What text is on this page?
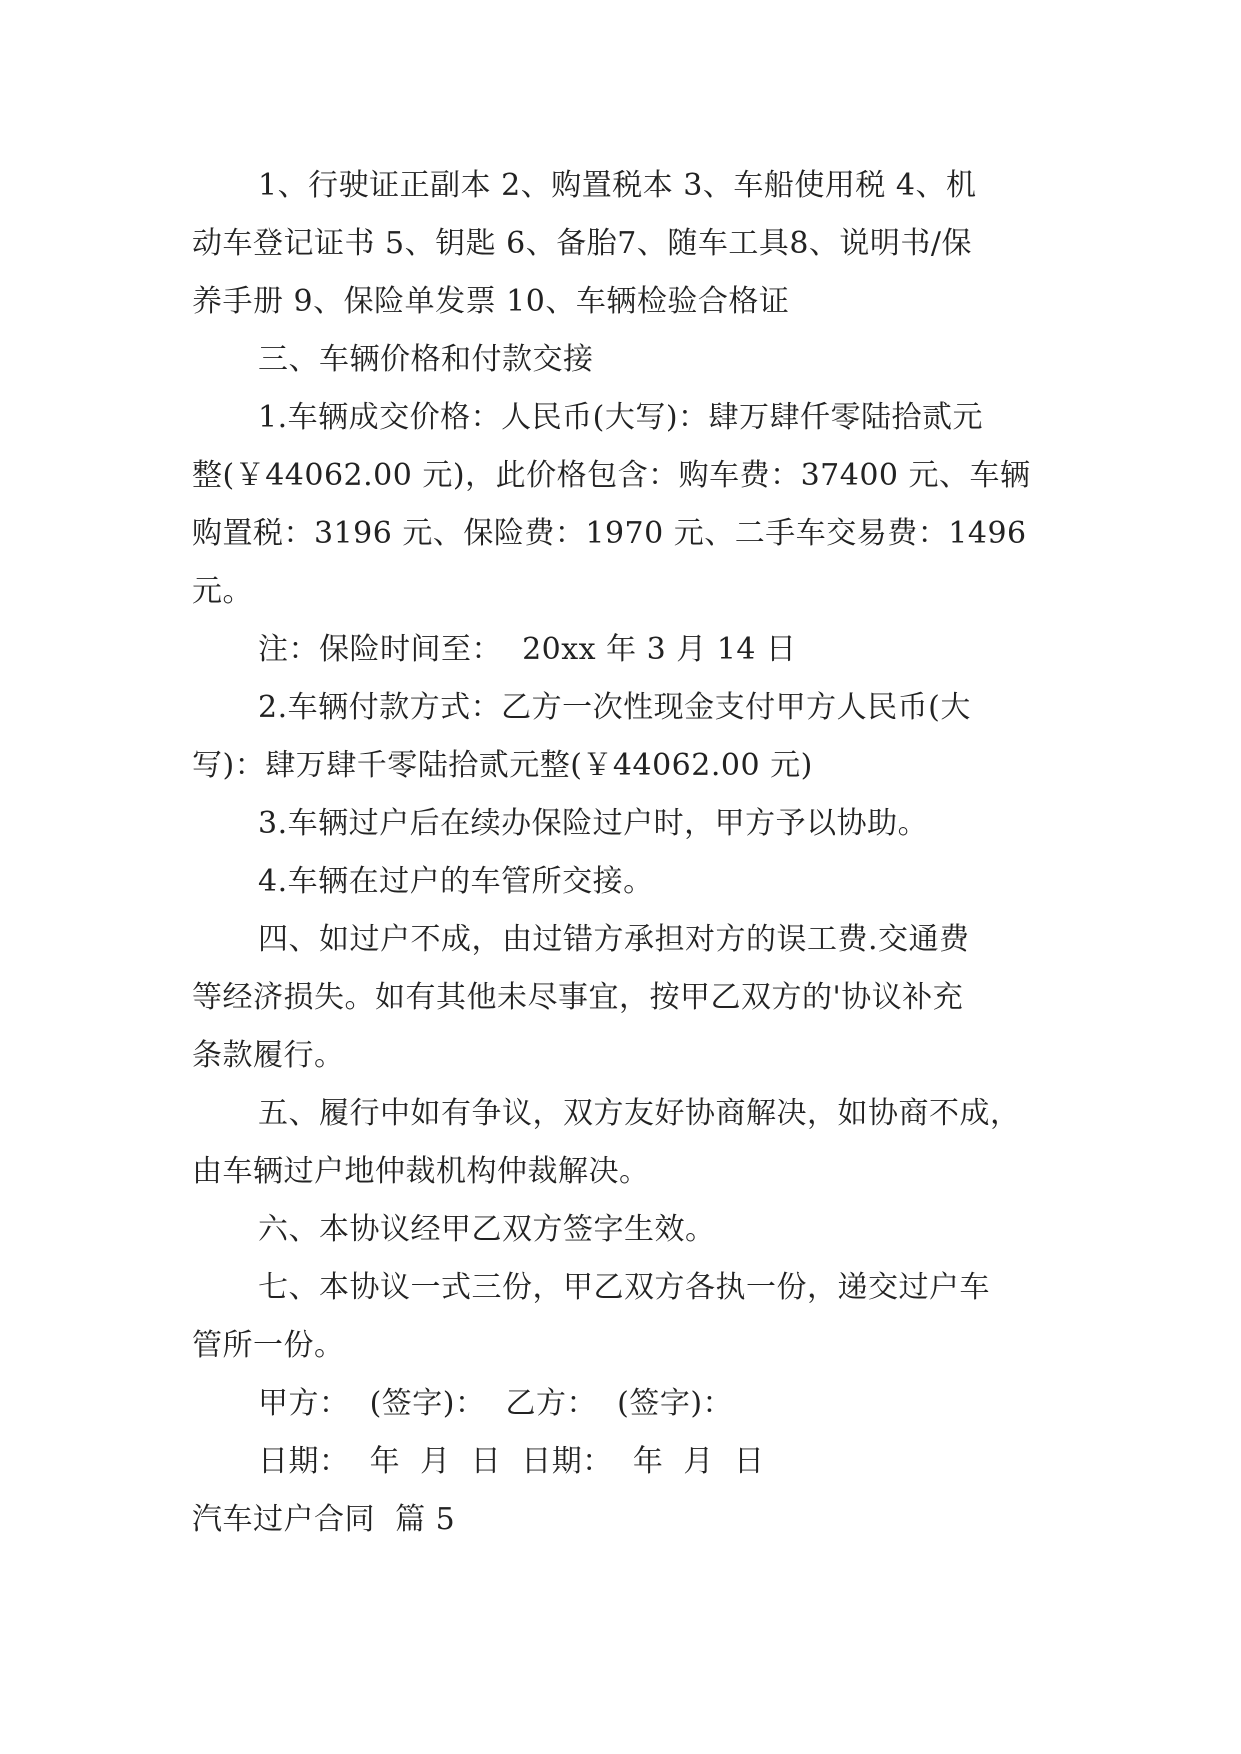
1、行驶证正副本 2、购置税本 3、车船使用税 4、机
动车登记证书 5、钥匙 6、备胎7、随车工具8、说明书/保
养手册 9、保险单发票 10、车辆检验合格证
三、车辆价格和付款交接
1.车辆成交价格：人民币(大写)：肆万肆仟零陆拾贰元
整(￥44062.00 元)，此价格包含：购车费：37400 元、车辆
购置税：3196 元、保险费：1970 元、二手车交易费：1496
元。
注：保险时间至：  20xx 年 3 月 14 日
2.车辆付款方式：乙方一次性现金支付甲方人民币(大
写)：肆万肆千零陆拾贰元整(￥44062.00 元)
3.车辆过户后在续办保险过户时，甲方予以协助。
4.车辆在过户的车管所交接。
四、如过户不成，由过错方承担对方的误工费.交通费
等经济损失。如有其他未尽事宜，按甲乙双方的'协议补充
条款履行。
五、履行中如有争议，双方友好协商解决，如协商不成，
由车辆过户地仲裁机构仲裁解决。
六、本协议经甲乙双方签字生效。
七、本协议一式三份，甲乙双方各执一份，递交过户车
管所一份。
甲方：  (签字)：  乙方：  (签字)：
日期：  年  月  日  日期：  年  月  日
汽车过户合同  篇 5
